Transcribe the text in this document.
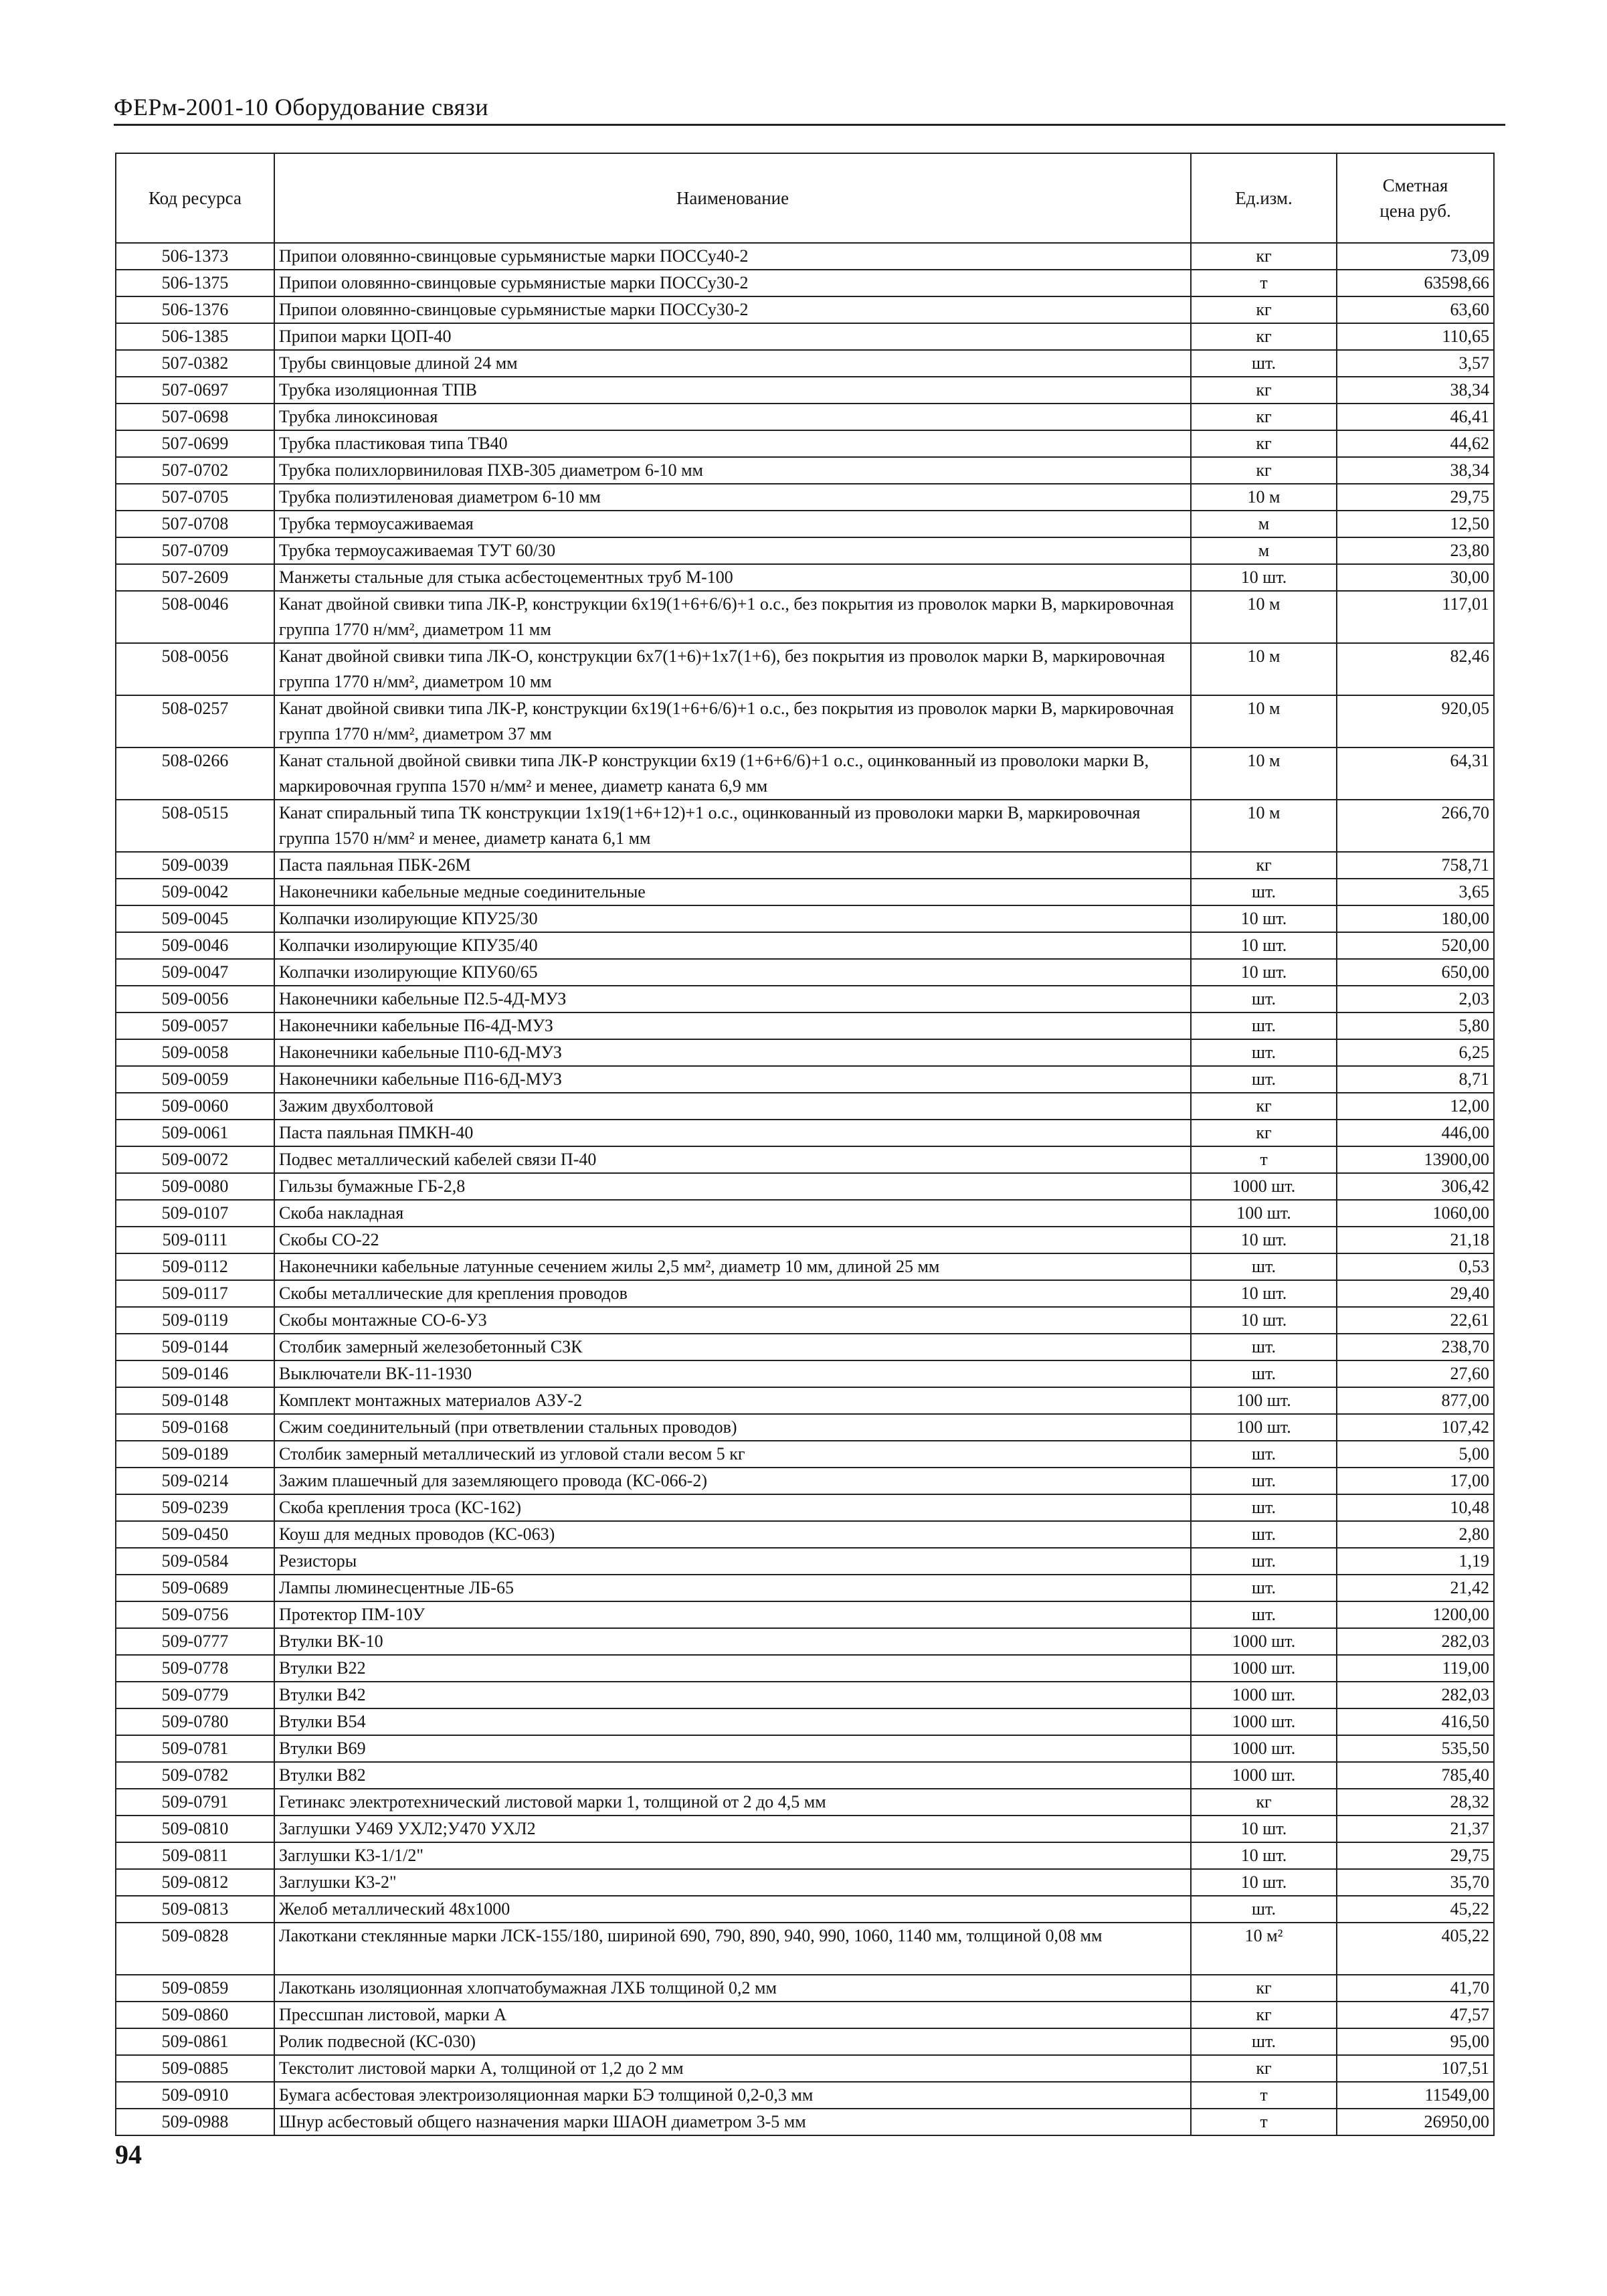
ФЕРм-2001-10 Оборудование связи
Код ресурса	Наименование	Ед.изм.	Сметная цена руб.
506-1373	Припои оловянно-свинцовые сурьмянистые марки ПОССу40-2	кг	73,09
506-1375	Припои оловянно-свинцовые сурьмянистые марки ПОССу30-2	т	63598,66
506-1376	Припои оловянно-свинцовые сурьмянистые марки ПОССу30-2	кг	63,60
506-1385	Припои марки ЦОП-40	кг	110,65
507-0382	Трубы свинцовые длиной 24 мм	шт.	3,57
507-0697	Трубка изоляционная ТПВ	кг	38,34
507-0698	Трубка линоксиновая	кг	46,41
507-0699	Трубка пластиковая типа ТВ40	кг	44,62
507-0702	Трубка полихлорвиниловая ПХВ-305 диаметром 6-10 мм	кг	38,34
507-0705	Трубка полиэтиленовая диаметром 6-10 мм	10 м	29,75
507-0708	Трубка термоусаживаемая	м	12,50
507-0709	Трубка термоусаживаемая ТУТ 60/30	м	23,80
507-2609	Манжеты стальные для стыка асбестоцементных труб М-100	10 шт.	30,00
508-0046	Канат двойной свивки типа ЛК-Р, конструкции 6х19(1+6+6/6)+1 о.с., без покрытия из проволок марки В, маркировочная группа 1770 н/мм², диаметром 11 мм	10 м	117,01
508-0056	Канат двойной свивки типа ЛК-О, конструкции 6х7(1+6)+1х7(1+6), без покрытия из проволок марки В, маркировочная группа 1770 н/мм², диаметром 10 мм	10 м	82,46
508-0257	Канат двойной свивки типа ЛК-Р, конструкции 6х19(1+6+6/6)+1 о.с., без покрытия из проволок марки В, маркировочная группа 1770 н/мм², диаметром 37 мм	10 м	920,05
508-0266	Канат стальной двойной свивки типа ЛК-Р конструкции 6х19 (1+6+6/6)+1 о.с., оцинкованный из проволоки марки В, маркировочная группа 1570 н/мм² и менее, диаметр каната 6,9 мм	10 м	64,31
508-0515	Канат спиральный типа ТК конструкции 1х19(1+6+12)+1 о.с., оцинкованный из проволоки марки В, маркировочная группа 1570 н/мм² и менее, диаметр каната 6,1 мм	10 м	266,70
509-0039	Паста паяльная ПБК-26М	кг	758,71
509-0042	Наконечники кабельные медные соединительные	шт.	3,65
509-0045	Колпачки изолирующие КПУ25/30	10 шт.	180,00
509-0046	Колпачки изолирующие КПУ35/40	10 шт.	520,00
509-0047	Колпачки изолирующие КПУ60/65	10 шт.	650,00
509-0056	Наконечники кабельные П2.5-4Д-МУЗ	шт.	2,03
509-0057	Наконечники кабельные П6-4Д-МУЗ	шт.	5,80
509-0058	Наконечники кабельные П10-6Д-МУЗ	шт.	6,25
509-0059	Наконечники кабельные П16-6Д-МУЗ	шт.	8,71
509-0060	Зажим двухболтовой	кг	12,00
509-0061	Паста паяльная ПМКН-40	кг	446,00
509-0072	Подвес металлический кабелей связи П-40	т	13900,00
509-0080	Гильзы бумажные ГБ-2,8	1000 шт.	306,42
509-0107	Скоба накладная	100 шт.	1060,00
509-0111	Скобы СО-22	10 шт.	21,18
509-0112	Наконечники кабельные латунные сечением жилы 2,5 мм², диаметр 10 мм, длиной 25 мм	шт.	0,53
509-0117	Скобы металлические для крепления проводов	10 шт.	29,40
509-0119	Скобы монтажные СО-6-У3	10 шт.	22,61
509-0144	Столбик замерный железобетонный СЗК	шт.	238,70
509-0146	Выключатели ВК-11-1930	шт.	27,60
509-0148	Комплект монтажных материалов АЗУ-2	100 шт.	877,00
509-0168	Сжим соединительный (при ответвлении стальных проводов)	100 шт.	107,42
509-0189	Столбик замерный металлический из угловой стали весом 5 кг	шт.	5,00
509-0214	Зажим плашечный для заземляющего провода (КС-066-2)	шт.	17,00
509-0239	Скоба крепления троса (КС-162)	шт.	10,48
509-0450	Коуш для медных проводов (КС-063)	шт.	2,80
509-0584	Резисторы	шт.	1,19
509-0689	Лампы люминесцентные ЛБ-65	шт.	21,42
509-0756	Протектор ПМ-10У	шт.	1200,00
509-0777	Втулки ВК-10	1000 шт.	282,03
509-0778	Втулки В22	1000 шт.	119,00
509-0779	Втулки В42	1000 шт.	282,03
509-0780	Втулки В54	1000 шт.	416,50
509-0781	Втулки В69	1000 шт.	535,50
509-0782	Втулки В82	1000 шт.	785,40
509-0791	Гетинакс электротехнический листовой марки 1, толщиной от 2 до 4,5 мм	кг	28,32
509-0810	Заглушки У469 УХЛ2;У470 УХЛ2	10 шт.	21,37
509-0811	Заглушки К3-1/1/2"	10 шт.	29,75
509-0812	Заглушки К3-2"	10 шт.	35,70
509-0813	Желоб металлический 48х1000	шт.	45,22
509-0828	Лакоткани стеклянные марки ЛСК-155/180, шириной 690, 790, 890, 940, 990, 1060, 1140 мм, толщиной 0,08 мм	10 м²	405,22
509-0859	Лакоткань изоляционная хлопчатобумажная ЛХБ толщиной 0,2 мм	кг	41,70
509-0860	Прессшпан листовой, марки А	кг	47,57
509-0861	Ролик подвесной (КС-030)	шт.	95,00
509-0885	Текстолит листовой марки А, толщиной от 1,2 до 2 мм	кг	107,51
509-0910	Бумага асбестовая электроизоляционная марки БЭ толщиной 0,2-0,3 мм	т	11549,00
509-0988	Шнур асбестовый общего назначения марки ШАОН диаметром 3-5 мм	т	26950,00
94
